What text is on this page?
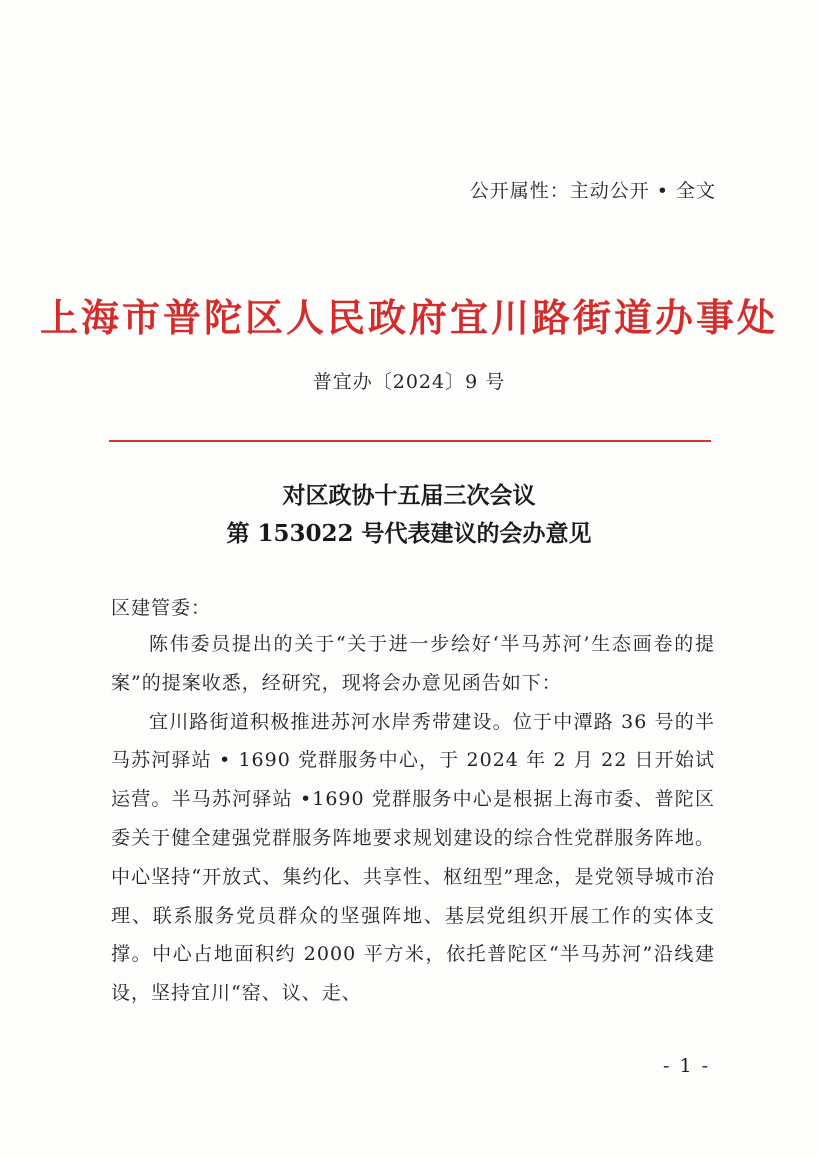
公开属性：主动公开 • 全文
上海市普陀区人民政府宜川路街道办事处
普宜办〔2024〕9 号
对区政协十五届三次会议
第 153022 号代表建议的会办意见
区建管委：

陈伟委员提出的关于“关于进一步绘好‘半马苏河’生态画卷的提案”的提案收悉，经研究，现将会办意见函告如下：

宜川路街道积极推进苏河水岸秀带建设。位于中潭路 36 号的半马苏河驿站 • 1690 党群服务中心，于 2024 年 2 月 22 日开始试运营。半马苏河驿站 •1690 党群服务中心是根据上海市委、普陀区委关于健全建强党群服务阵地要求规划建设的综合性党群服务阵地。中心坚持“开放式、集约化、共享性、枢纽型”理念，是党领导城市治理、联系服务党员群众的坚强阵地、基层党组织开展工作的实体支撑。中心占地面积约 2000 平方米，依托普陀区“半马苏河”沿线建设，坚持宜川“窑、议、走、

- 1 -
